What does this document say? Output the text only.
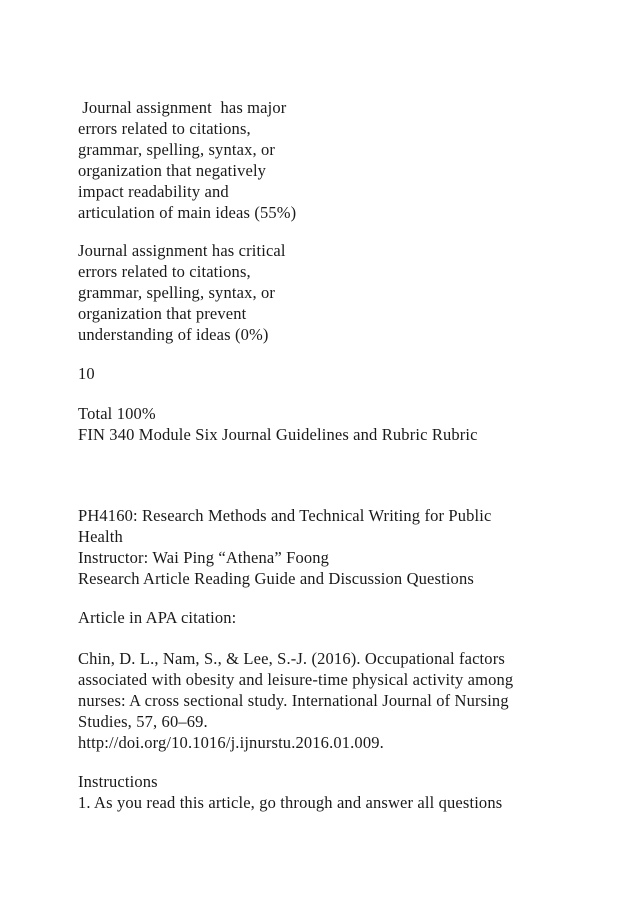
Journal assignment  has major
errors related to citations,
grammar, spelling, syntax, or
organization that negatively
impact readability and
articulation of main ideas (55%)
Journal assignment has critical
errors related to citations,
grammar, spelling, syntax, or
organization that prevent
understanding of ideas (0%)
10
Total 100%
FIN 340 Module Six Journal Guidelines and Rubric Rubric
PH4160: Research Methods and Technical Writing for Public
Health
Instructor: Wai Ping “Athena” Foong
Research Article Reading Guide and Discussion Questions
Article in APA citation:
Chin, D. L., Nam, S., & Lee, S.-J. (2016). Occupational factors
associated with obesity and leisure-time physical activity among
nurses: A cross sectional study. International Journal of Nursing
Studies, 57, 60–69.
http://doi.org/10.1016/j.ijnurstu.2016.01.009.
Instructions
1. As you read this article, go through and answer all questions
